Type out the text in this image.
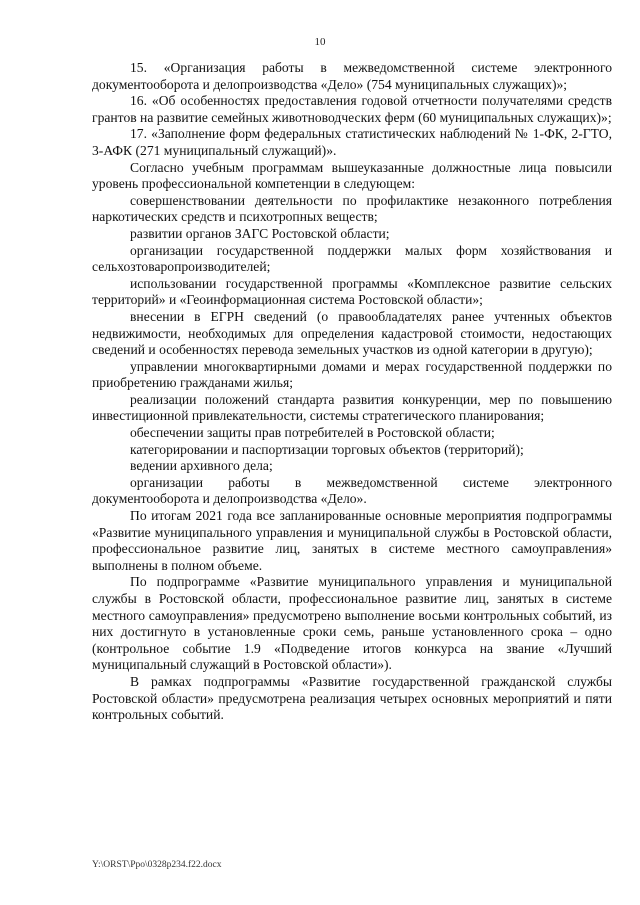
10

15. «Организация работы в межведомственной системе электронного документооборота и делопроизводства «Дело» (754 муниципальных служащих)»;

16. «Об особенностях предоставления годовой отчетности получателями средств грантов на развитие семейных животноводческих ферм (60 муниципальных служащих)»;

17. «Заполнение форм федеральных статистических наблюдений № 1-ФК, 2-ГТО, 3-АФК (271 муниципальный служащий)».

Согласно учебным программам вышеуказанные должностные лица повысили уровень профессиональной компетенции в следующем:

совершенствовании деятельности по профилактике незаконного потребления наркотических средств и психотропных веществ;

развитии органов ЗАГС Ростовской области;

организации государственной поддержки малых форм хозяйствования и сельхозтоваропроизводителей;

использовании государственной программы «Комплексное развитие сельских территорий» и «Геоинформационная система Ростовской области»;

внесении в ЕГРН сведений (о правообладателях ранее учтенных объектов недвижимости, необходимых для определения кадастровой стоимости, недостающих сведений и особенностях перевода земельных участков из одной категории в другую);

управлении многоквартирными домами и мерах государственной поддержки по приобретению гражданами жилья;

реализации положений стандарта развития конкуренции, мер по повышению инвестиционной привлекательности, системы стратегического планирования;

обеспечении защиты прав потребителей в Ростовской области;

категорировании и паспортизации торговых объектов (территорий);

ведении архивного дела;

организации работы в межведомственной системе электронного документооборота и делопроизводства «Дело».

По итогам 2021 года все запланированные основные мероприятия подпрограммы «Развитие муниципального управления и муниципальной службы в Ростовской области, профессиональное развитие лиц, занятых в системе местного самоуправления» выполнены в полном объеме.

По подпрограмме «Развитие муниципального управления и муниципальной службы в Ростовской области, профессиональное развитие лиц, занятых в системе местного самоуправления» предусмотрено выполнение восьми контрольных событий, из них достигнуто в установленные сроки семь, раньше установленного срока – одно (контрольное событие 1.9 «Подведение итогов конкурса на звание «Лучший муниципальный служащий в Ростовской области»).

В рамках подпрограммы «Развитие государственной гражданской службы Ростовской области» предусмотрена реализация четырех основных мероприятий и пяти контрольных событий.

Y:\ORST\Ppo\0328p234.f22.docx
